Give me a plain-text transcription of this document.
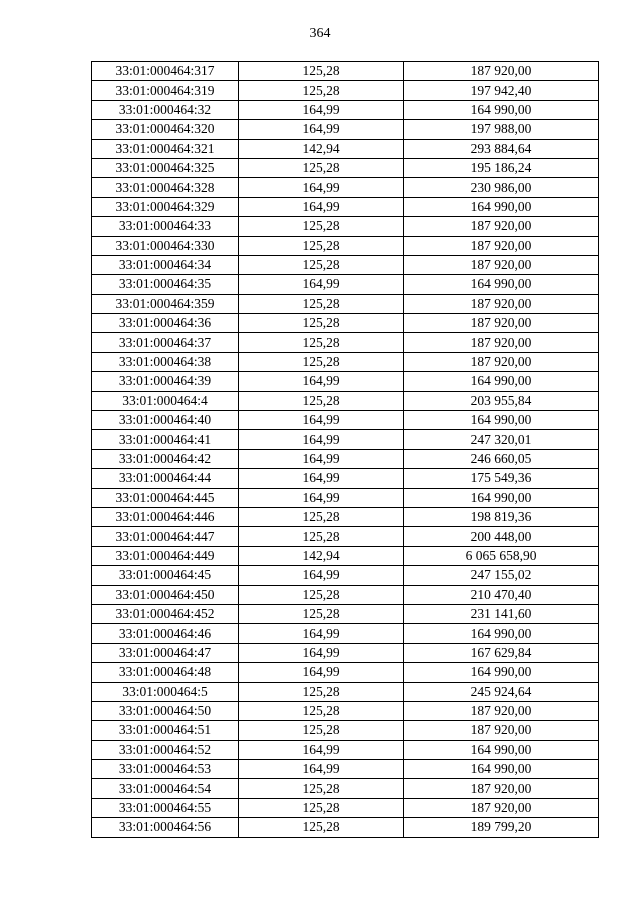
364
33:01:000464:317	125,28	187 920,00
33:01:000464:319	125,28	197 942,40
33:01:000464:32	164,99	164 990,00
33:01:000464:320	164,99	197 988,00
33:01:000464:321	142,94	293 884,64
33:01:000464:325	125,28	195 186,24
33:01:000464:328	164,99	230 986,00
33:01:000464:329	164,99	164 990,00
33:01:000464:33	125,28	187 920,00
33:01:000464:330	125,28	187 920,00
33:01:000464:34	125,28	187 920,00
33:01:000464:35	164,99	164 990,00
33:01:000464:359	125,28	187 920,00
33:01:000464:36	125,28	187 920,00
33:01:000464:37	125,28	187 920,00
33:01:000464:38	125,28	187 920,00
33:01:000464:39	164,99	164 990,00
33:01:000464:4	125,28	203 955,84
33:01:000464:40	164,99	164 990,00
33:01:000464:41	164,99	247 320,01
33:01:000464:42	164,99	246 660,05
33:01:000464:44	164,99	175 549,36
33:01:000464:445	164,99	164 990,00
33:01:000464:446	125,28	198 819,36
33:01:000464:447	125,28	200 448,00
33:01:000464:449	142,94	6 065 658,90
33:01:000464:45	164,99	247 155,02
33:01:000464:450	125,28	210 470,40
33:01:000464:452	125,28	231 141,60
33:01:000464:46	164,99	164 990,00
33:01:000464:47	164,99	167 629,84
33:01:000464:48	164,99	164 990,00
33:01:000464:5	125,28	245 924,64
33:01:000464:50	125,28	187 920,00
33:01:000464:51	125,28	187 920,00
33:01:000464:52	164,99	164 990,00
33:01:000464:53	164,99	164 990,00
33:01:000464:54	125,28	187 920,00
33:01:000464:55	125,28	187 920,00
33:01:000464:56	125,28	189 799,20
